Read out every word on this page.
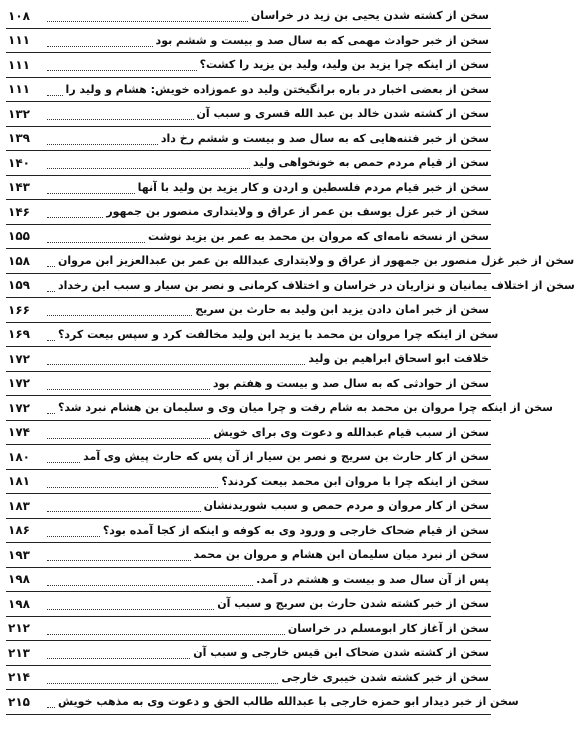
سخن از کشته شدن یحیی بن زید در خراسان
۱۰۸
سخن از خبر حوادث مهمی که به سال صد و بیست و ششم بود
۱۱۱
سخن از اینکه چرا یزید بن ولید، ولید بن یزید را کشت؟
۱۱۱
سخن از بعضی اخبار در باره برانگیختن ولید دو عموزاده خویش: هشام و ولید را
۱۱۱
سخن از کشته شدن خالد بن عبد الله قسری و سبب آن
۱۳۲
سخن از خبر فتنه‌هایی که به سال صد و بیست و ششم رخ داد
۱۳۹
سخن از قیام مردم حمص به خونخواهی ولید
۱۴۰
سخن از خبر قیام مردم فلسطین و اردن و کار یزید بن ولید با آنها
۱۴۳
سخن از خبر عزل یوسف بن عمر از عراق و ولایتداری منصور بن جمهور
۱۴۶
سخن از نسخه نامه‌ای که مروان بن محمد به عمر بن یزید نوشت
۱۵۵
سخن از خبر غزل منصور بن جمهور از عراق و ولایتداری عبدالله بن عمر بن عبدالعزیز ابن مروان
۱۵۸
سخن از اختلاف یمانیان و نزاریان در خراسان و اختلاف کرمانی و نصر بن سیار و سبب این رخداد
۱۵۹
سخن از خبر امان دادن یزید ابن ولید به حارث بن سریج
۱۶۶
سخن از اینکه چرا مروان بن محمد با یزید ابن ولید مخالفت کرد و سپس بیعت کرد؟
۱۶۹
خلافت ابو اسحاق ابراهیم بن ولید
۱۷۲
سخن از حوادثی که به سال صد و بیست و هفتم بود
۱۷۲
سخن از اینکه چرا مروان بن محمد به شام رفت و چرا میان وی و سلیمان بن هشام نبرد شد؟
۱۷۲
سخن از سبب قیام عبدالله و دعوت وی برای خویش
۱۷۴
سخن از کار حارث بن سریج و نصر بن سیار از آن پس که حارث پیش وی آمد
۱۸۰
سخن از اینکه چرا با مروان ابن محمد بیعت کردند؟
۱۸۱
سخن از کار مروان و مردم حمص و سبب شوریدنشان
۱۸۳
سخن از قیام ضحاک خارجی و ورود وی به کوفه و اینکه از کجا آمده بود؟
۱۸۶
سخن از نبرد میان سلیمان ابن هشام و مروان بن محمد
۱۹۳
پس از آن سال صد و بیست و هشتم در آمد.
۱۹۸
سخن از خبر کشته شدن حارث بن سریج و سبب آن
۱۹۸
سخن از آغاز کار ابومسلم در خراسان
۲۱۲
سخن از کشته شدن ضحاک ابن قیس خارجی و سبب آن
۲۱۳
سخن از خبر کشته شدن خیبری خارجی
۲۱۴
سخن از خبر دیدار ابو حمزه خارجی با عبدالله طالب الحق و دعوت وی به مذهب خویش
۲۱۵
